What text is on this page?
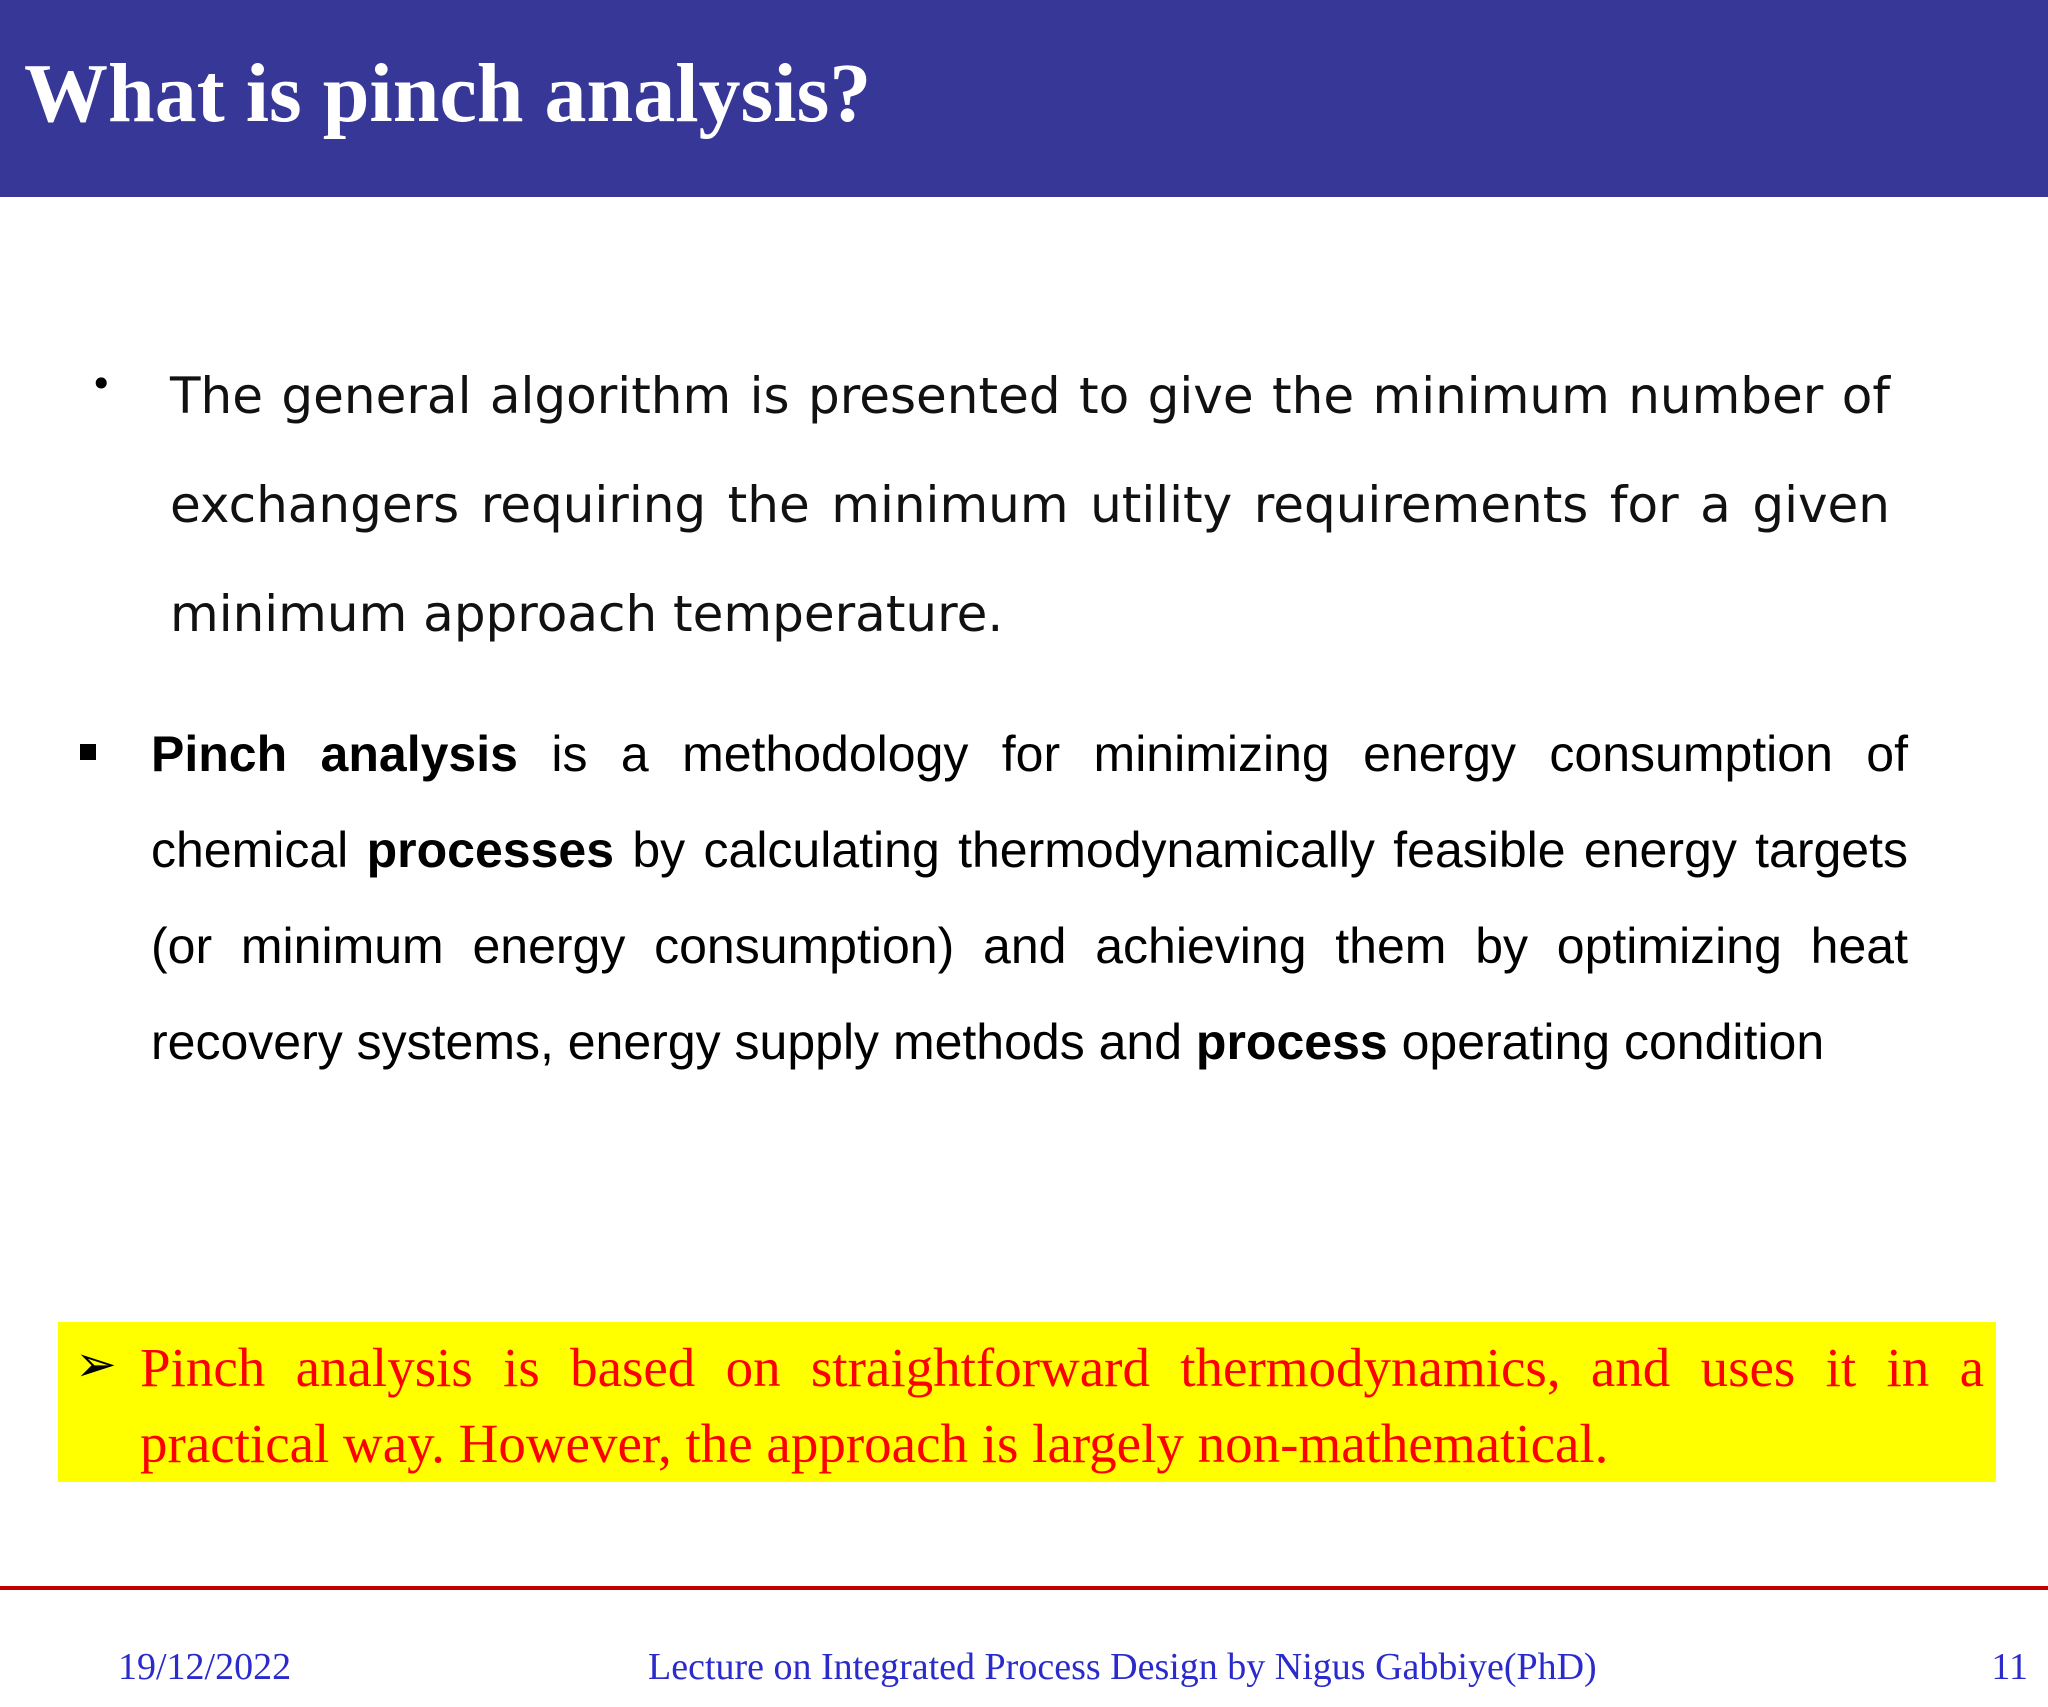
What is pinch analysis?
• The general algorithm is presented to give the minimum number of exchangers requiring the minimum utility requirements for a given minimum approach temperature.
Pinch analysis is a methodology for minimizing energy consumption of chemical processes by calculating thermodynamically feasible energy targets (or minimum energy consumption) and achieving them by optimizing heat recovery systems, energy supply methods and process operating condition
➢ Pinch analysis is based on straightforward thermodynamics, and uses it in a practical way. However, the approach is largely non-mathematical.
19/12/2022	Lecture on Integrated Process Design by Nigus Gabbiye(PhD)	11
